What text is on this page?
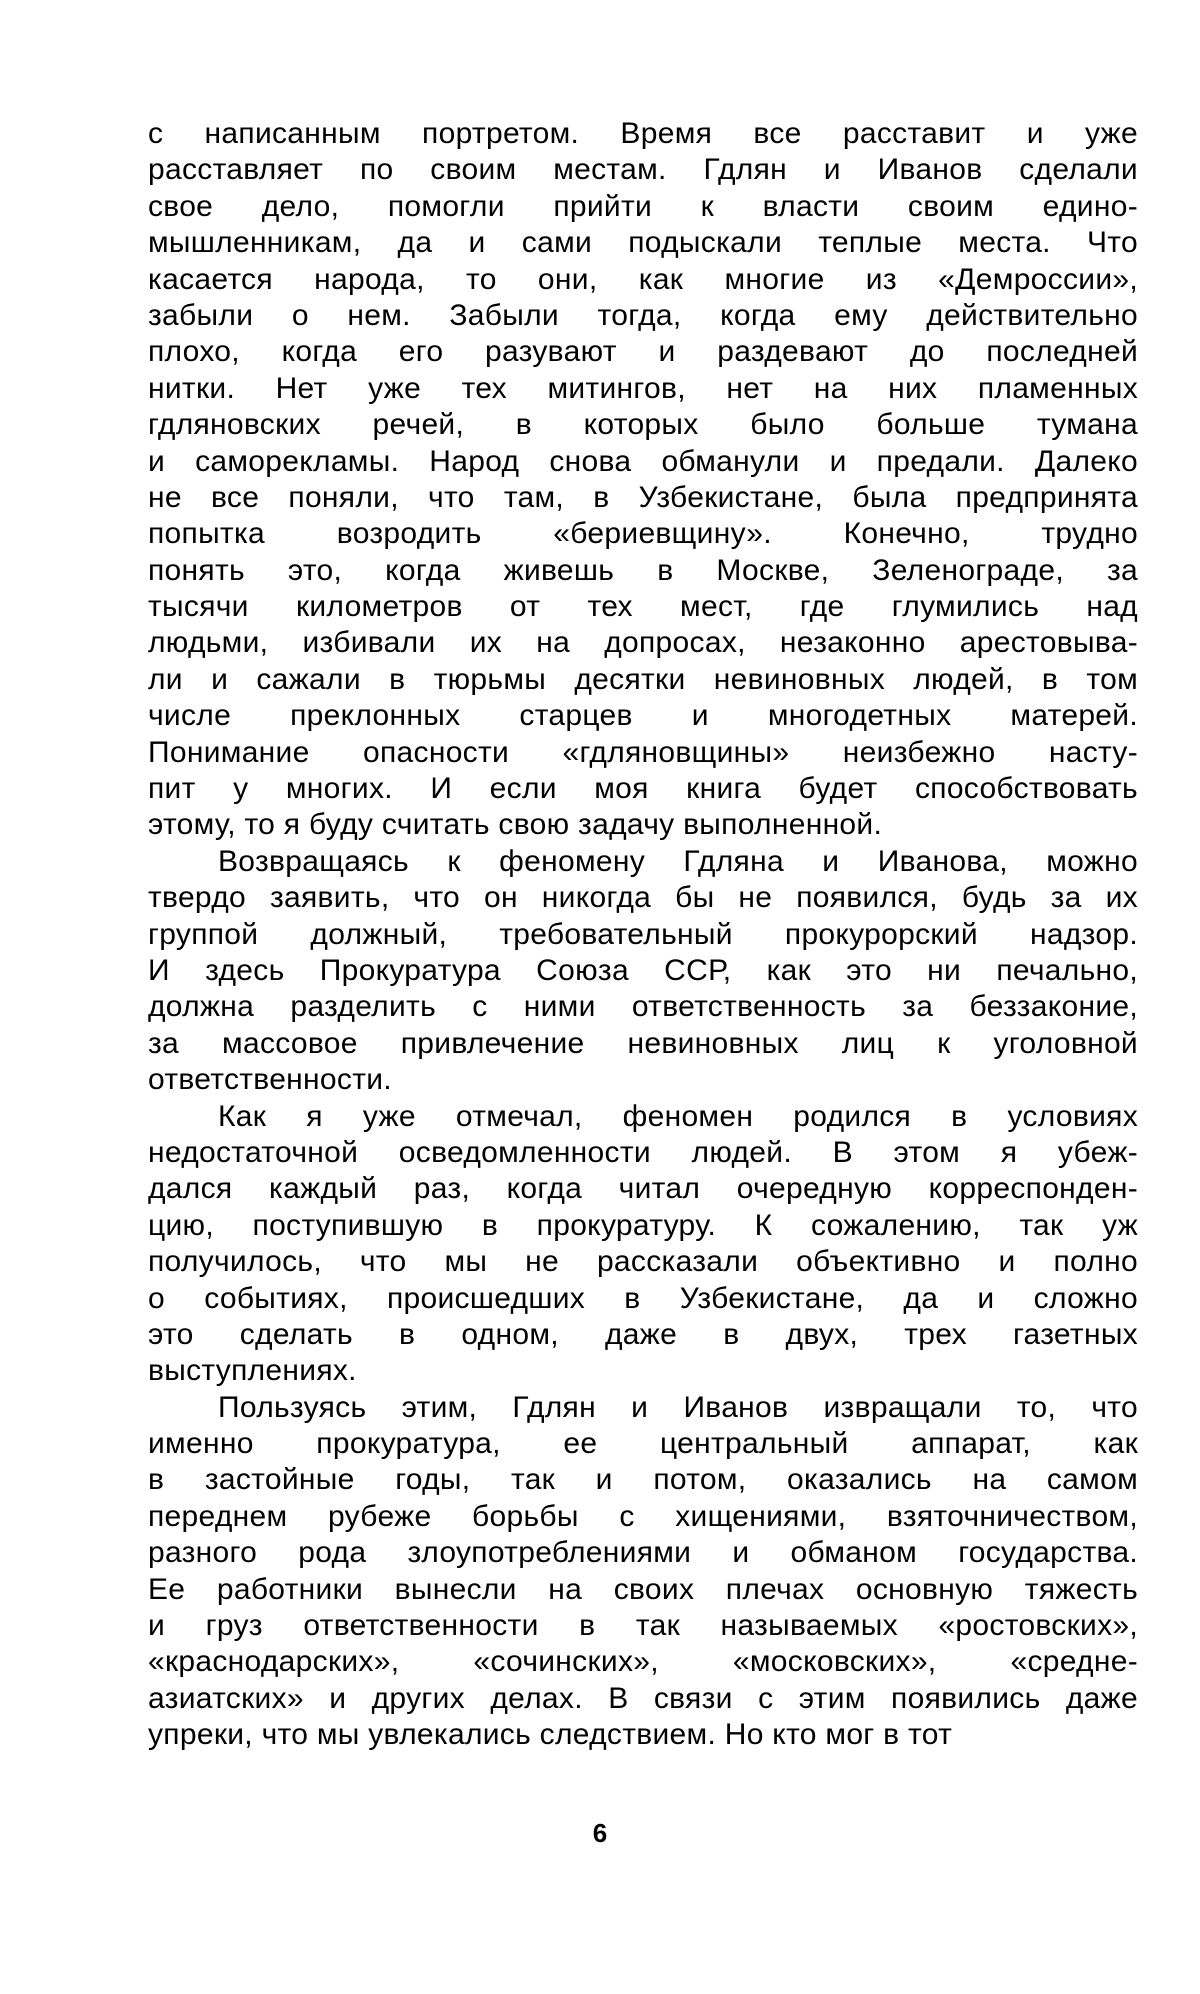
с написанным портретом. Время все расставит и уже
расставляет по своим местам. Гдлян и Иванов сделали
свое дело, помогли прийти к власти своим едино-
мышленникам, да и сами подыскали теплые места. Что
касается народа, то они, как многие из «Демроссии»,
забыли о нем. Забыли тогда, когда ему действительно
плохо, когда его разувают и раздевают до последней
нитки. Нет уже тех митингов, нет на них пламенных
гдляновских речей, в которых было больше тумана
и саморекламы. Народ снова обманули и предали. Далеко
не все поняли, что там, в Узбекистане, была предпринята
попытка возродить «бериевщину». Конечно, трудно
понять это, когда живешь в Москве, Зеленограде, за
тысячи километров от тех мест, где глумились над
людьми, избивали их на допросах, незаконно арестовыва-
ли и сажали в тюрьмы десятки невиновных людей, в том
числе преклонных старцев и многодетных матерей.
Понимание опасности «гдляновщины» неизбежно насту-
пит у многих. И если моя книга будет способствовать
этому, то я буду считать свою задачу выполненной.
Возвращаясь к феномену Гдляна и Иванова, можно
твердо заявить, что он никогда бы не появился, будь за их
группой должный, требовательный прокурорский надзор.
И здесь Прокуратура Союза ССР, как это ни печально,
должна разделить с ними ответственность за беззаконие,
за массовое привлечение невиновных лиц к уголовной
ответственности.
Как я уже отмечал, феномен родился в условиях
недостаточной осведомленности людей. В этом я убеж-
дался каждый раз, когда читал очередную корреспонден-
цию, поступившую в прокуратуру. К сожалению, так уж
получилось, что мы не рассказали объективно и полно
о событиях, происшедших в Узбекистане, да и сложно
это сделать в одном, даже в двух, трех газетных
выступлениях.
Пользуясь этим, Гдлян и Иванов извращали то, что
именно прокуратура, ее центральный аппарат, как
в застойные годы, так и потом, оказались на самом
переднем рубеже борьбы с хищениями, взяточничеством,
разного рода злоупотреблениями и обманом государства.
Ее работники вынесли на своих плечах основную тяжесть
и груз ответственности в так называемых «ростовских»,
«краснодарских», «сочинских», «московских», «средне-
азиатских» и других делах. В связи с этим появились даже
упреки, что мы увлекались следствием. Но кто мог в тот
6
